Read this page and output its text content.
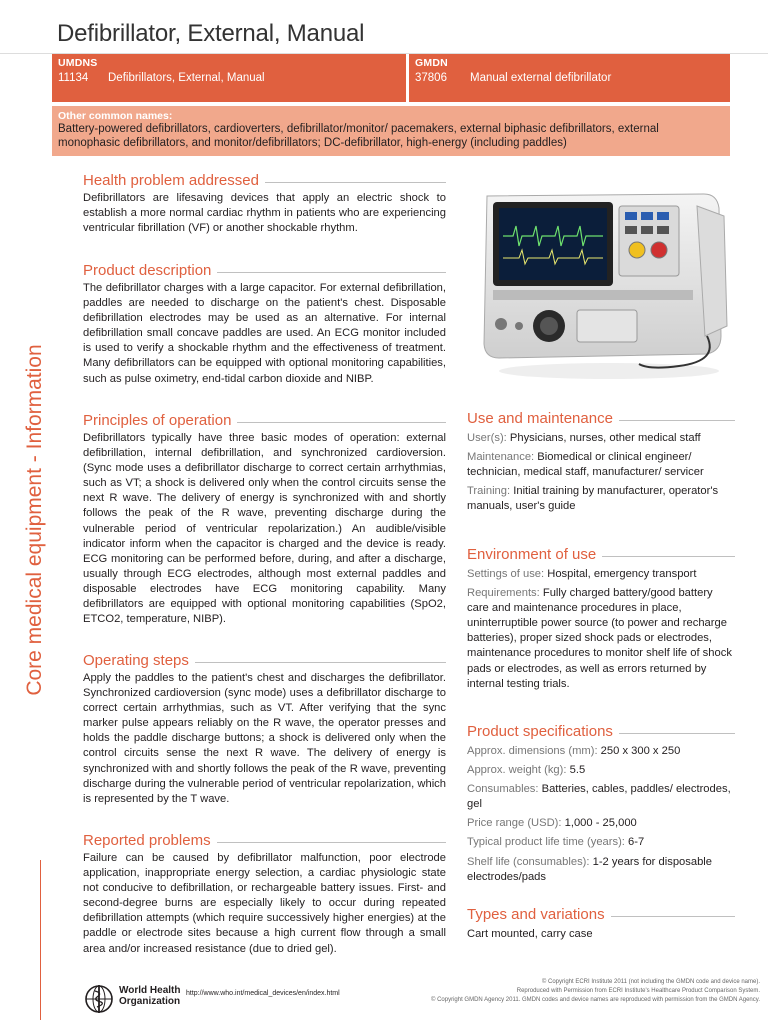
Defibrillator, External, Manual
UMDNS
11134 Defibrillators, External, Manual
GMDN
37806 Manual external defibrillator
Other common names:
Battery-powered defibrillators, cardioverters, defibrillator/monitor/ pacemakers, external biphasic defibrillators, external monophasic defibrillators, and monitor/defibrillators; DC-defibrillator, high-energy (including paddles)
Core medical equipment - Information
Health problem addressed

Defibrillators are lifesaving devices that apply an electric shock to establish a more normal cardiac rhythm in patients who are experiencing ventricular fibrillation (VF) or another shockable rhythm.

Product description

The defibrillator charges with a large capacitor. For external defibrillation, paddles are needed to discharge on the patient's chest. Disposable defibrillation electrodes may be used as an alternative. For internal defibrillation small concave paddles are used. An ECG monitor included is used to verify a shockable rhythm and the effectiveness of treatment. Many defibrillators can be equipped with optional monitoring capabilities, such as pulse oximetry, end-tidal carbon dioxide and NIBP.

Principles of operation

Defibrillators typically have three basic modes of operation: external defibrillation, internal defibrillation, and synchronized cardioversion. (Sync mode uses a defibrillator discharge to correct certain arrhythmias, such as VT; a shock is delivered only when the control circuits sense the next R wave. The delivery of energy is synchronized with and shortly follows the peak of the R wave, preventing discharge during the vulnerable period of ventricular repolarization.) An audible/visible indicator inform when the capacitor is charged and the device is ready. ECG monitoring can be performed before, during, and after a discharge, usually through ECG electrodes, although most external paddles and disposable electrodes have ECG monitoring capability. Many defibrillators are equipped with optional monitoring capabilities (SpO2, ETCO2, temperature, NIBP).

Operating steps

Apply the paddles to the patient's chest and discharges the defibrillator. Synchronized cardioversion (sync mode) uses a defibrillator discharge to correct certain arrhythmias, such as VT. After verifying that the sync marker pulse appears reliably on the R wave, the operator presses and holds the paddle discharge buttons; a shock is delivered only when the control circuits sense the next R wave. The delivery of energy is synchronized with and shortly follows the peak of the R wave, preventing discharge during the vulnerable period of ventricular repolarization, which is represented by the T wave.

Reported problems

Failure can be caused by defibrillator malfunction, poor electrode application, inappropriate energy selection, a cardiac physiologic state not conducive to defibrillation, or rechargeable battery issues. First- and second-degree burns are especially likely to occur during repeated defibrillation attempts (which require successively higher energies) at the paddle or electrode sites because a high current flow through a small area and/or increased resistance (due to dried gel).

Use and maintenance

User(s): Physicians, nurses, other medical staff

Maintenance: Biomedical or clinical engineer/ technician, medical staff, manufacturer/ servicer

Training: Initial training by manufacturer, operator's manuals, user's guide

Environment of use

Settings of use: Hospital, emergency transport

Requirements: Fully charged battery/good battery care and maintenance procedures in place, uninterruptible power source (to power and recharge batteries), proper sized shock pads or electrodes, maintenance procedures to monitor shelf life of shock pads or electrodes, as well as errors returned by internal testing trials.

Product specifications

Approx. dimensions (mm): 250 x 300 x 250

Approx. weight (kg): 5.5

Consumables: Batteries, cables, paddles/ electrodes, gel

Price range (USD): 1,000 - 25,000

Typical product life time (years): 6-7

Shelf life (consumables): 1-2 years for disposable electrodes/pads

Types and variations

Cart mounted, carry case

World Health
Organization
http://www.who.int/medical_devices/en/index.html
© Copyright ECRI Institute 2011 (not including the GMDN code and device name).
Reproduced with Permission from ECRI Institute's Healthcare Product Comparison System.
© Copyright GMDN Agency 2011. GMDN codes and device names are reproduced with permission from the GMDN Agency.
